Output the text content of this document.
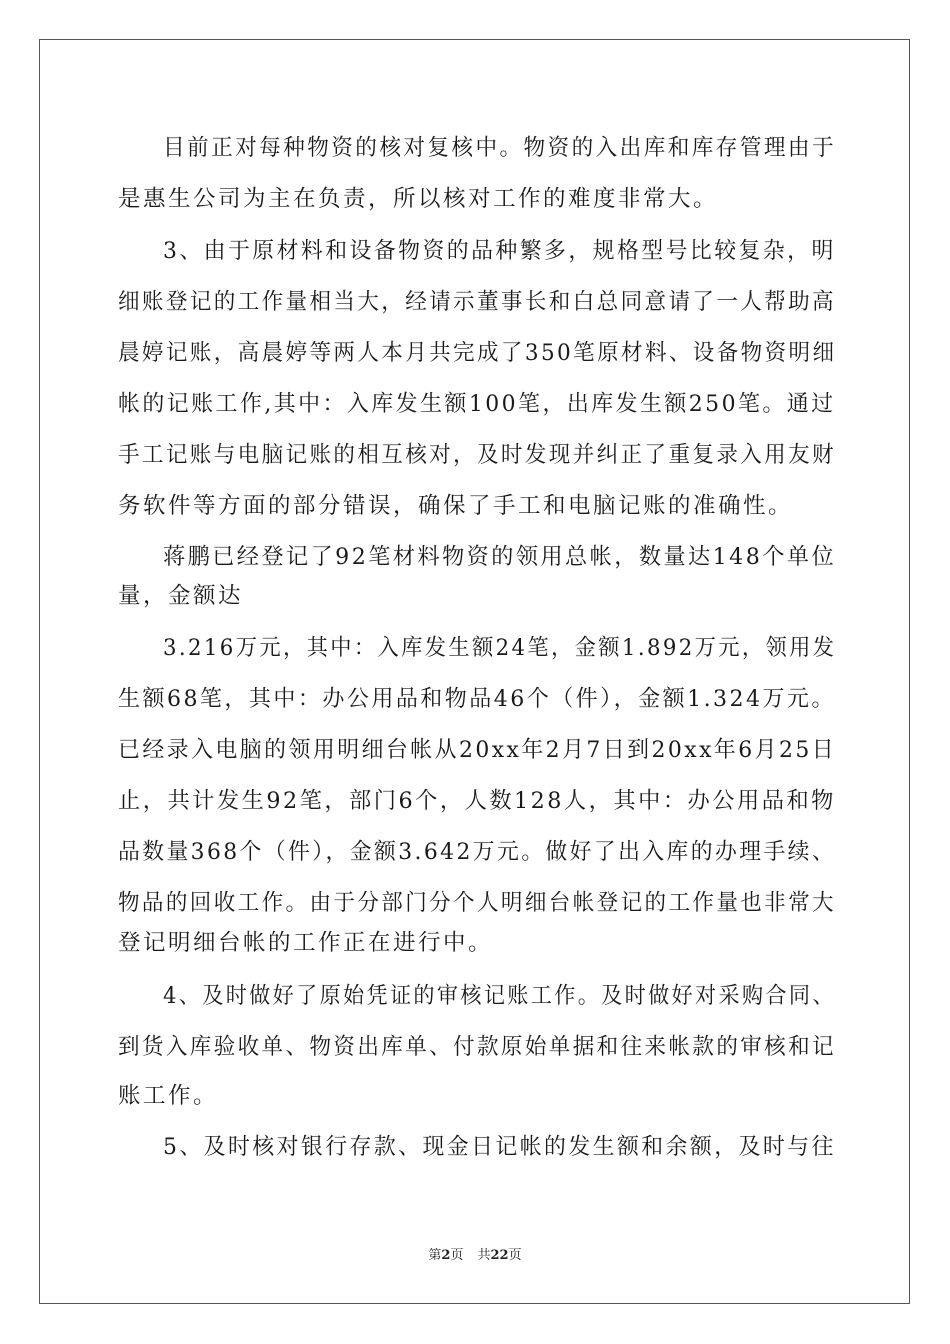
目前正对每种物资的核对复核中。物资的入出库和库存管理由于

是惠生公司为主在负责，所以核对工作的难度非常大。

3、由于原材料和设备物资的品种繁多，规格型号比较复杂，明

细账登记的工作量相当大，经请示董事长和白总同意请了一人帮助高

晨婷记账，高晨婷等两人本月共完成了350笔原材料、设备物资明细

帐的记账工作,其中：入库发生额100笔，出库发生额250笔。通过

手工记账与电脑记账的相互核对，及时发现并纠正了重复录入用友财

务软件等方面的部分错误，确保了手工和电脑记账的准确性。

蒋鹏已经登记了92笔材料物资的领用总帐，数量达148个单位

量，金额达

3.216万元，其中：入库发生额24笔，金额1.892万元，领用发

生额68笔，其中：办公用品和物品46个（件），金额1.324万元。

已经录入电脑的领用明细台帐从20xx年2月7日到20xx年6月25日

止，共计发生92笔，部门6个，人数128人，其中：办公用品和物

品数量368个（件），金额3.642万元。做好了出入库的办理手续、

物品的回收工作。由于分部门分个人明细台帐登记的工作量也非常大

登记明细台帐的工作正在进行中。

4、及时做好了原始凭证的审核记账工作。及时做好对采购合同、

到货入库验收单、物资出库单、付款原始单据和往来帐款的审核和记

账工作。

5、及时核对银行存款、现金日记帐的发生额和余额，及时与往

第2页 共22页
